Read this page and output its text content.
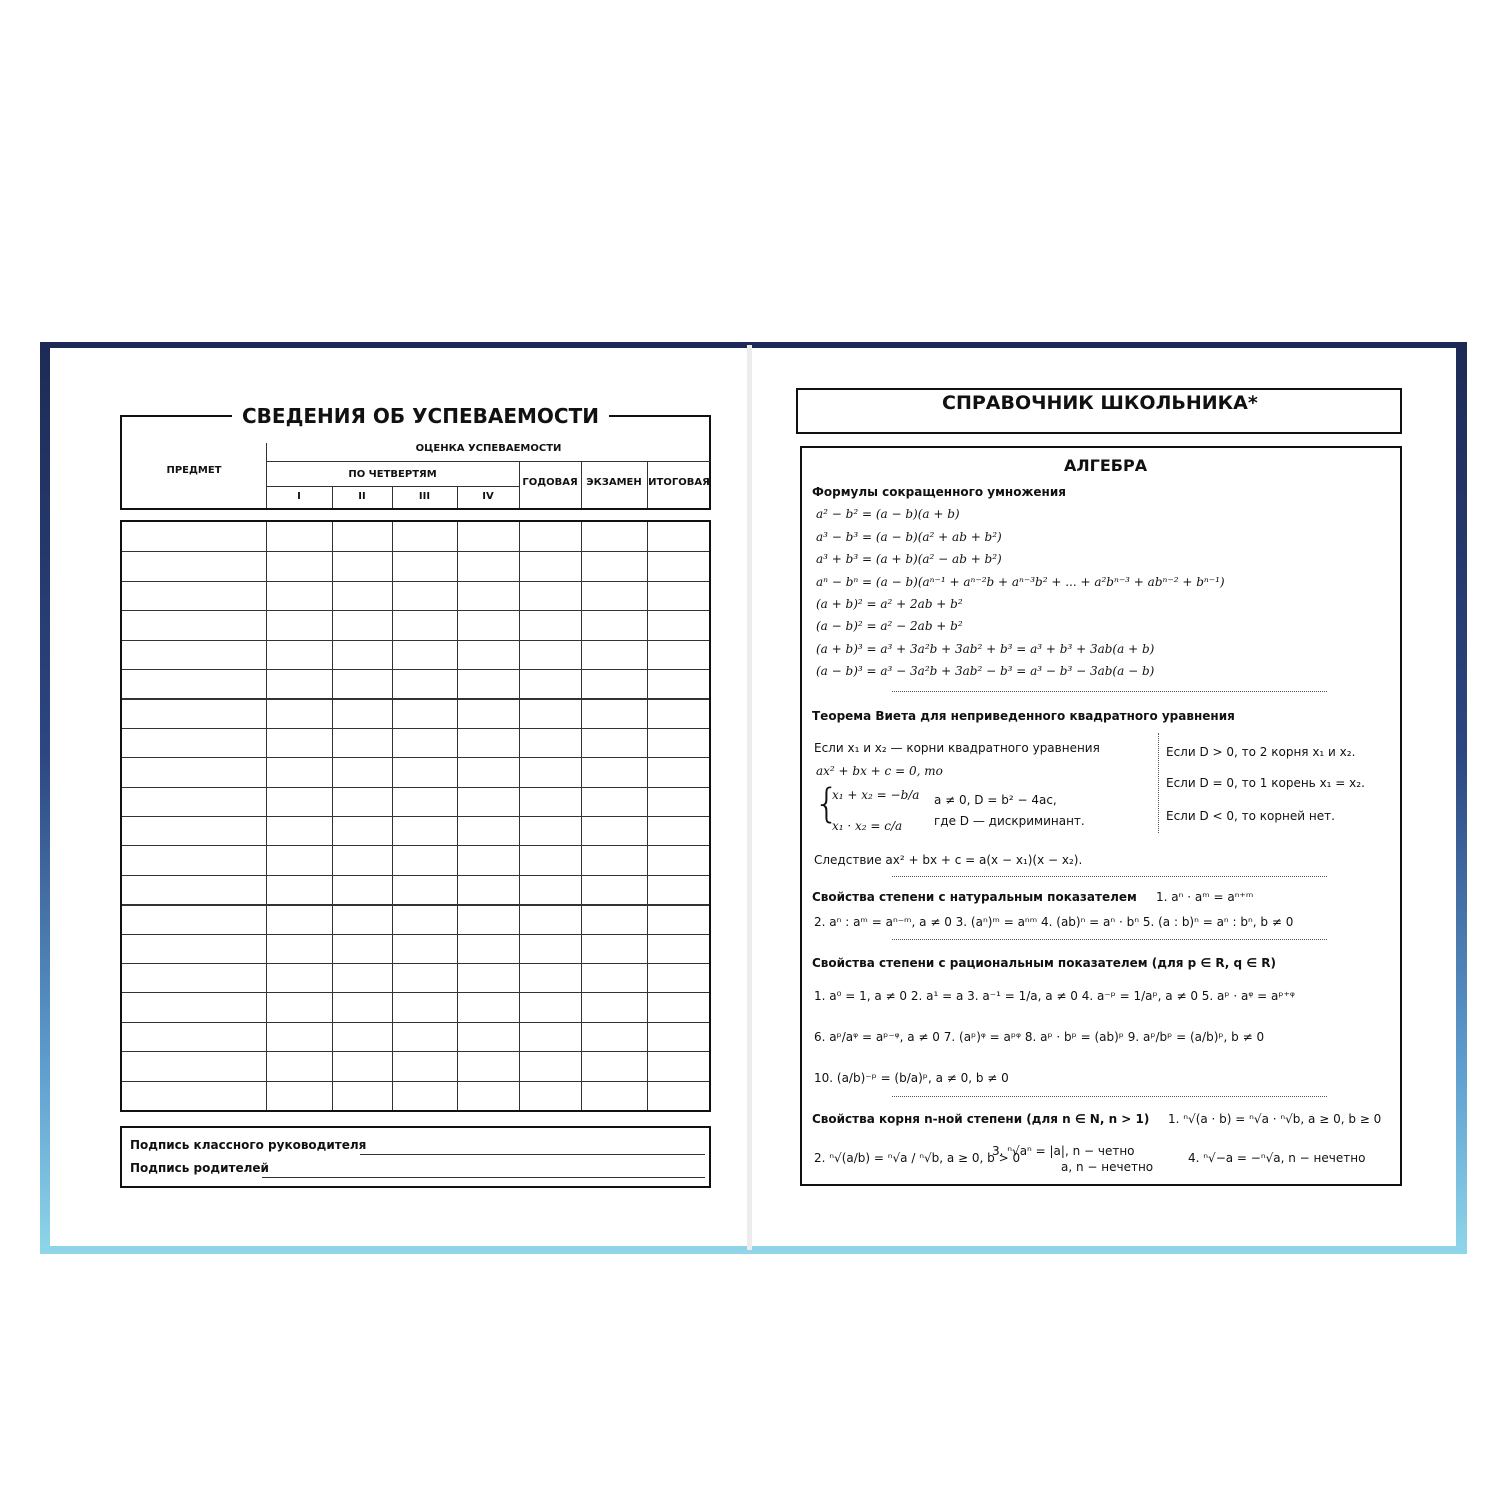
СВЕДЕНИЯ ОБ УСПЕВАЕМОСТИ
ПРЕДМЕТ
ОЦЕНКА УСПЕВАЕМОСТИ
ПО ЧЕТВЕРТЯМ
I	II	III	IV
ГОДОВАЯ ЭКЗАМЕН ИТОГОВАЯ
Подпись классного руководителя
Подпись родителей
СПРАВОЧНИК ШКОЛЬНИКА*
АЛГЕБРА
Формулы сокращенного умножения
a² − b² = (a − b)(a + b)
a³ − b³ = (a − b)(a² + ab + b²)
a³ + b³ = (a + b)(a² − ab + b²)
aⁿ − bⁿ = (a − b)(aⁿ⁻¹ + aⁿ⁻²b + aⁿ⁻³b² + ... + a²bⁿ⁻³ + abⁿ⁻² + bⁿ⁻¹)
(a + b)² = a² + 2ab + b²
(a − b)² = a² − 2ab + b²
(a + b)³ = a³ + 3a²b + 3ab² + b³ = a³ + b³ + 3ab(a + b)
(a − b)³ = a³ − 3a²b + 3ab² − b³ = a³ − b³ − 3ab(a − b)
Теорема Виета для неприведенного квадратного уравнения
Если x₁ и x₂ — корни квадратного уравнения
ax² + bx + c = 0, то
{
x₁ + x₂ = −b/a
x₁ · x₂ = c/a
a ≠ 0, D = b² − 4ac,
где D — дискриминант.
Если D > 0, то 2 корня x₁ и x₂.
Если D = 0, то 1 корень x₁ = x₂.
Если D < 0, то корней нет.
Следствие ax² + bx + c = a(x − x₁)(x − x₂).
Свойства степени с натуральным показателем 1. aⁿ · aᵐ = aⁿ⁺ᵐ
2. aⁿ : aᵐ = aⁿ⁻ᵐ, a ≠ 0 3. (aⁿ)ᵐ = aⁿᵐ 4. (ab)ⁿ = aⁿ · bⁿ 5. (a : b)ⁿ = aⁿ : bⁿ, b ≠ 0
Свойства степени с рациональным показателем (для p ∈ R, q ∈ R)
1. a⁰ = 1, a ≠ 0 2. a¹ = a 3. a⁻¹ = 1/a, a ≠ 0 4. a⁻ᵖ = 1/aᵖ, a ≠ 0 5. aᵖ · aᵠ = aᵖ⁺ᵠ
6. aᵖ/aᵠ = aᵖ⁻ᵠ, a ≠ 0 7. (aᵖ)ᵠ = aᵖᵠ 8. aᵖ · bᵖ = (ab)ᵖ 9. aᵖ/bᵖ = (a/b)ᵖ, b ≠ 0
10. (a/b)⁻ᵖ = (b/a)ᵖ, a ≠ 0, b ≠ 0
Свойства корня n-ной степени (для n ∈ N, n > 1) 1. ⁿ√(a · b) = ⁿ√a · ⁿ√b, a ≥ 0, b ≥ 0
2. ⁿ√(a/b) = ⁿ√a / ⁿ√b, a ≥ 0, b > 0
3. ⁿ√aⁿ = |a|, n − четно
a, n − нечетно
4. ⁿ√−a = −ⁿ√a, n − нечетно
